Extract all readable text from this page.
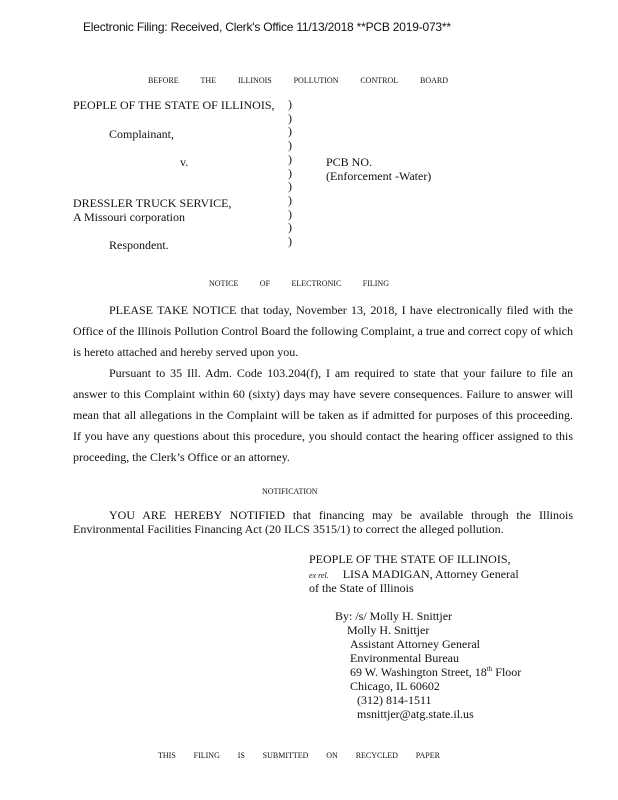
Electronic Filing: Received, Clerk's Office 11/13/2018 **PCB 2019-073**
BEFORE	THE	ILLINOIS	POLLUTION	CONTROL	BOARD
PEOPLE OF THE STATE OF ILLINOIS,
Complainant,
v.
DRESSLER TRUCK SERVICE,
A Missouri corporation
Respondent.
)
)
)
)
)
)
)
)
)
)
)
PCB NO.
(Enforcement -Water)
NOTICE	OF	ELECTRONIC	FILING
PLEASE TAKE NOTICE that today, November 13, 2018, I have electronically filed with the Office of the Illinois Pollution Control Board the following Complaint, a true and correct copy of which is hereto attached and hereby served upon you.
Pursuant to 35 Ill. Adm. Code 103.204(f), I am required to state that your failure to file an answer to this Complaint within 60 (sixty) days may have severe consequences. Failure to answer will mean that all allegations in the Complaint will be taken as if admitted for purposes of this proceeding. If you have any questions about this procedure, you should contact the hearing officer assigned to this proceeding, the Clerk’s Office or an attorney.
NOTIFICATION
YOU ARE HEREBY NOTIFIED that financing may be available through the Illinois Environmental Facilities Financing Act (20 ILCS 3515/1) to correct the alleged pollution.
PEOPLE OF THE STATE OF ILLINOIS,
ex rel. LISA MADIGAN, Attorney General
of the State of Illinois
By: /s/ Molly H. Snittjer
Molly H. Snittjer
Assistant Attorney General
Environmental Bureau
69 W. Washington Street, 18th Floor
Chicago, IL 60602
(312) 814-1511
msnittjer@atg.state.il.us
THIS FILING IS SUBMITTED ON RECYCLED PAPER
